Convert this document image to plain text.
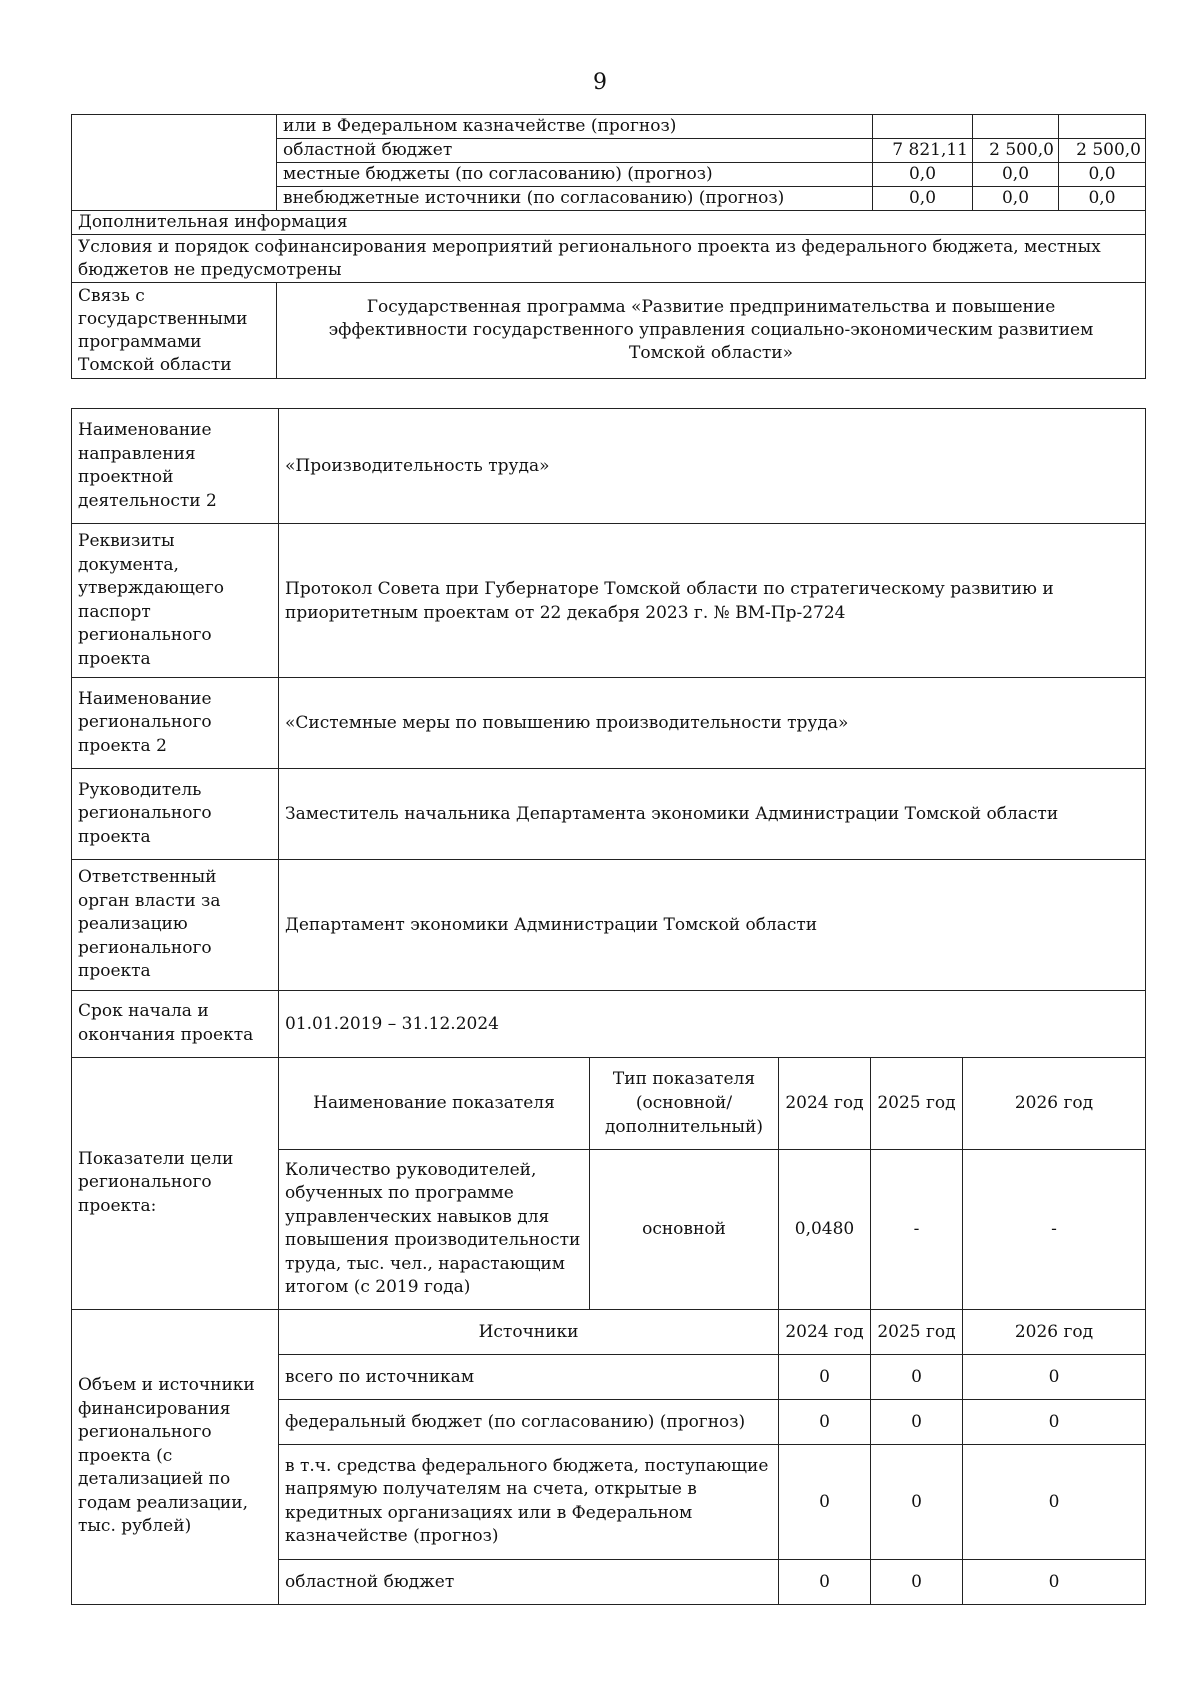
9
	или в Федеральном казначействе (прогноз)			
	областной бюджет	7 821,11	2 500,0	2 500,0
	местные бюджеты (по согласованию) (прогноз)	0,0	0,0	0,0
	внебюджетные источники (по согласованию) (прогноз)	0,0	0,0	0,0
Дополнительная информация				
Условия и порядок софинансирования мероприятий регионального проекта из федерального бюджета, местных бюджетов не предусмотрены				
Связь с государственными программами Томской области	Государственная программа «Развитие предпринимательства и повышение эффективности государственного управления социально-экономическим развитием Томской области»			
Наименование направления проектной деятельности 2	«Производительность труда»				
Реквизиты документа, утверждающего паспорт регионального проекта	Протокол Совета при Губернаторе Томской области по стратегическому развитию и приоритетным проектам от 22 декабря 2023 г. № ВМ-Пр-2724				
Наименование регионального проекта 2	«Системные меры по повышению производительности труда»				
Руководитель регионального проекта	Заместитель начальника Департамента экономики Администрации Томской области				
Ответственный орган власти за реализацию регионального проекта	Департамент экономики Администрации Томской области				
Срок начала и окончания проекта	01.01.2019 – 31.12.2024				
Показатели цели регионального проекта:	Наименование показателя	Тип показателя (основной/ дополнительный)	2024 год	2025 год	2026 год
	Количество руководителей, обученных по программе управленческих навыков для повышения производительности труда, тыс. чел., нарастающим итогом (с 2019 года)	основной	0,0480	-	-
Объем и источники финансирования регионального проекта (с детализацией по годам реализации, тыс. рублей)	Источники		2024 год	2025 год	2026 год
	всего по источникам		0	0	0
	федеральный бюджет (по согласованию) (прогноз)		0	0	0
	в т.ч. средства федерального бюджета, поступающие напрямую получателям на счета, открытые в кредитных организациях или в Федеральном казначействе (прогноз)		0	0	0
	областной бюджет		0	0	0
